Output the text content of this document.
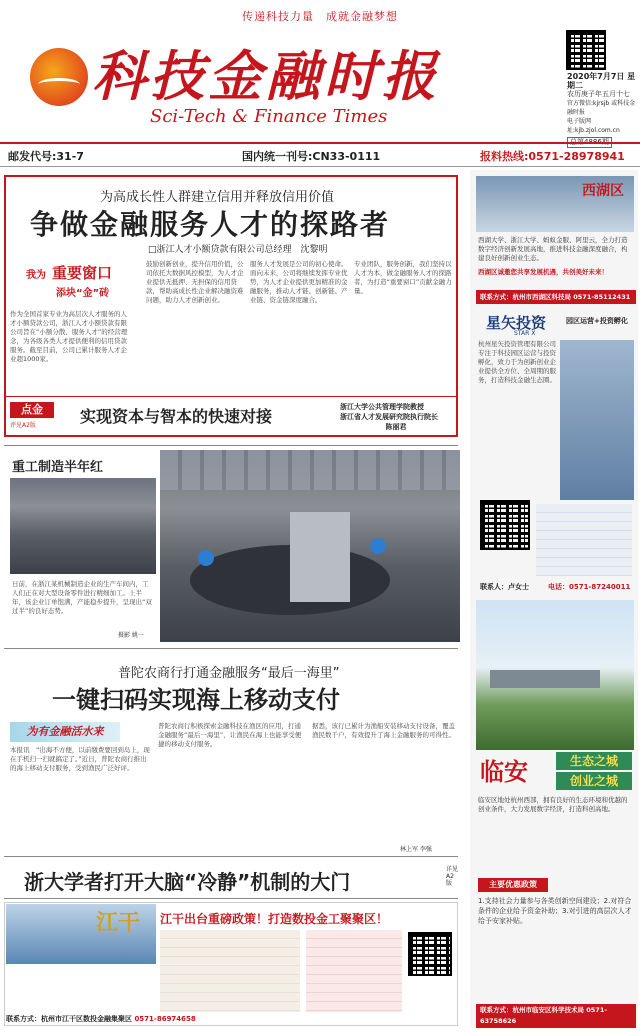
传递科技力量　成就金融梦想
科技金融时报
Sci-Tech & Finance Times
2020年7月7日 星期二
农历庚子年五月十七
官方微信:kjrsjb 或科技金融时报
电子版网址:kjb.zjol.com.cn
邮发代号:31-7	国内统一刊号:CN33-0111	报料热线:0571-28978941
为高成长性人群建立信用并释放信用价值
争做金融服务人才的探路者
□浙江人才小额贷款有限公司总经理　沈黎明
我为 重要窗口
添块“金”砖
作为全国首家专业为高层次人才服务的人才小额贷款公司，浙江人才小额贷款有限公司旨在“小额分散、服务人才”的经营理念，为各级各类人才提供便利的信用贷款服务。截至目前，公司已累计服务人才企业超1000家。
鼓励创新创业，提升信用价值，公司依托大数据风控模型，为人才企业提供无抵押、无担保的信用贷款，帮助高成长性企业解决融资难问题，助力人才创新创业。
服务人才发展是公司的初心使命。面向未来，公司将继续发挥专业优势，为人才企业提供更加精准的金融服务，推动人才链、创新链、产业链、资金链深度融合。
专业团队，服务创新，我们坚持以人才为本，做金融服务人才的探路者，为打造“重要窗口”贡献金融力量。
点金
评见A2版	实现资本与智本的快速对接	浙江大学公共管理学院教授
浙江省人才发展研究院执行院长
陈丽君
重工制造半年红
日前，在浙江某机械制造企业的生产车间内，工人们正在对大型设备零件进行精细加工。上半年，该企业订单饱满，产能稳步提升，呈现出“双过半”的良好态势。
摄影 姚一
普陀农商行打通金融服务“最后一海里”
一键扫码实现海上移动支付
为有金融活水来
本报讯　“出海不方便，以前缴费要回到岛上，现在手机扫一扫就搞定了。”近日，普陀农商行推出的海上移动支付服务，受到渔民广泛好评。
普陀农商行积极探索金融科技在渔区的应用，打通金融服务“最后一海里”，让渔民在海上也能享受便捷的移动支付服务。
据悉，该行已累计为渔船安装移动支付设备，覆盖渔民数千户，有效提升了海上金融服务的可得性。
林上军 李强
浙大学者打开大脑“冷静”机制的大门
详见A2版
江干 江干出台重磅政策！打造数投金工聚聚区！
联系方式：杭州市江干区数投金融集聚区 0571-86974658
西湖区
西湖大学、浙江大学、蚂蚁金服、阿里云，全力打造数字经济创新发展高地，推进科技金融深度融合，构建良好创新创业生态。
西湖区诚邀您共享发展机遇，共创美好未来！
联系方式：杭州市西湖区科技局 0571-85112431
星矢投资
STAR X
园区运营+投资孵化
杭州星矢投资管理有限公司专注于科技园区运营与投资孵化，致力于为创新创业企业提供全方位、全周期的服务，打造科技金融生态圈。
联系人：卢女士	电话：0571-87240011
临安	生态之城
创业之城
临安区地处杭州西部，拥有良好的生态环境和优越的创业条件，大力发展数字经济，打造科创高地。
主要优惠政策
1.支持社会力量参与各类创新空间建设；2.对符合条件的企业给予资金补助；3.对引进的高层次人才给予安家补贴。
联系方式：杭州市临安区科学技术局 0571-63758626
